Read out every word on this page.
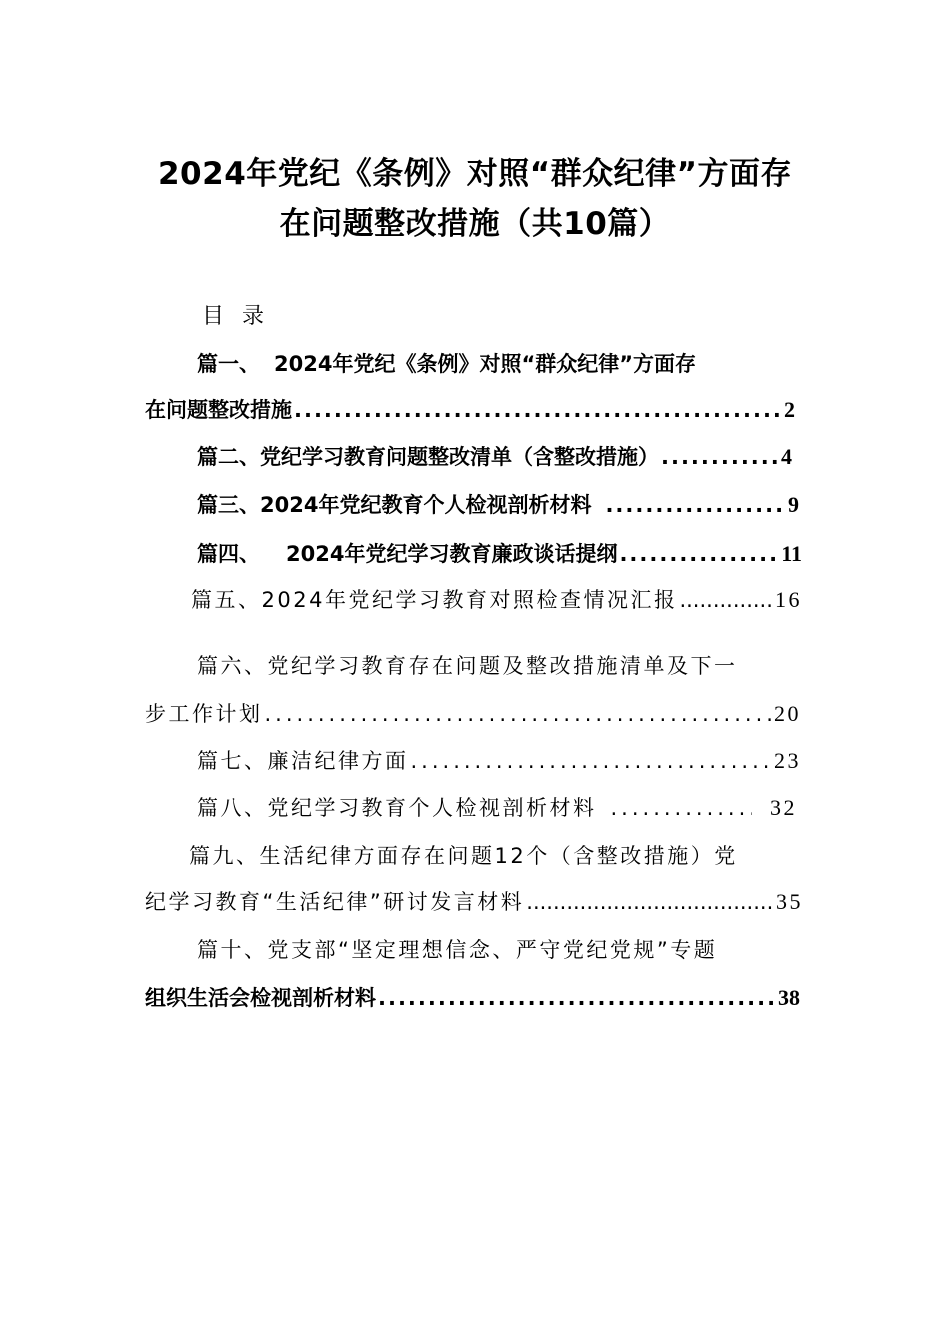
2024年党纪《条例》对照“群众纪律”方面存
在问题整改措施（共10篇）
目录
篇一、 2024年党纪《条例》对照“群众纪律”方面存
在问题整改措施 .....	2
篇二、党纪学习教育问题整改清单（含整改措施） .....	4
篇三、2024年党纪教育个人检视剖析材料 .....	9
篇四、 2024年党纪学习教育廉政谈话提纲 .....	11
篇五、2024年党纪学习教育对照检查情况汇报 .....	16
篇六、党纪学习教育存在问题及整改措施清单及下一
步工作计划 .....	20
篇七、廉洁纪律方面 .....	23
篇八、党纪学习教育个人检视剖析材料 .....	32
篇九、生活纪律方面存在问题12个（含整改措施）党
纪学习教育“生活纪律”研讨发言材料 .....	35
篇十、党支部“坚定理想信念、严守党纪党规”专题
组织生活会检视剖析材料 .....	38
